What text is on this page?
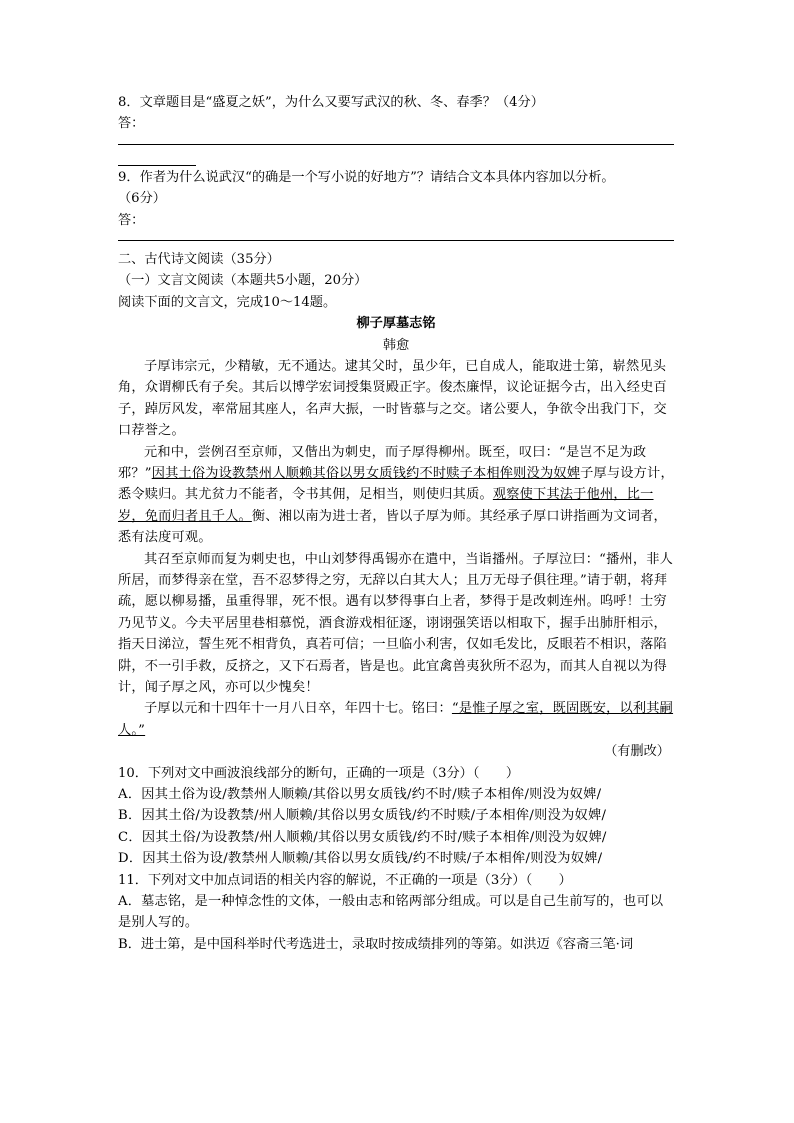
8．文章题目是“盛夏之妖”，为什么又要写武汉的秋、冬、春季？（4分）
答：
9．作者为什么说武汉“的确是一个写小说的好地方”？请结合文本具体内容加以分析。
（6分）
答：
二、古代诗文阅读（35分）
（一）文言文阅读（本题共5小题，20分）
阅读下面的文言文，完成10～14题。
柳子厚墓志铭
韩愈
子厚讳宗元，少精敏，无不通达。逮其父时，虽少年，已自成人，能取进士第，崭然见头角，众谓柳氏有子矣。其后以博学宏词授集贤殿正字。俊杰廉悍，议论证据今古，出入经史百子，踔厉风发，率常屈其座人，名声大振，一时皆慕与之交。诸公要人，争欲令出我门下，交口荐誉之。
元和中，尝例召至京师，又偕出为刺史，而子厚得柳州。既至，叹曰：“是岂不足为政邪？”因其土俗为设教禁州人顺赖其俗以男女质钱约不时赎子本相侔则没为奴婢子厚与设方计，悉令赎归。其尤贫力不能者，令书其佣，足相当，则使归其质。观察使下其法于他州，比一岁，免而归者且千人。衡、湘以南为进士者，皆以子厚为师。其经承子厚口讲指画为文词者，悉有法度可观。
其召至京师而复为刺史也，中山刘梦得禹锡亦在遣中，当诣播州。子厚泣曰：“播州，非人所居，而梦得亲在堂，吾不忍梦得之穷，无辞以白其大人；且万无母子俱往理。”请于朝，将拜疏，愿以柳易播，虽重得罪，死不恨。遇有以梦得事白上者，梦得于是改刺连州。呜呼！士穷乃见节义。今夫平居里巷相慕悦，酒食游戏相征逐，诩诩强笑语以相取下，握手出肺肝相示，指天日涕泣，誓生死不相背负，真若可信；一旦临小利害，仅如毛发比，反眼若不相识，落陷阱，不一引手救，反挤之，又下石焉者，皆是也。此宜禽兽夷狄所不忍为，而其人自视以为得计，闻子厚之风，亦可以少愧矣！
子厚以元和十四年十一月八日卒，年四十七。铭曰：“是惟子厚之室，既固既安，以利其嗣人。”
（有删改）
10．下列对文中画波浪线部分的断句，正确的一项是（3分）（　　）
A．因其土俗为设/教禁州人顺赖/其俗以男女质钱/约不时/赎子本相侔/则没为奴婢/
B．因其土俗/为设教禁/州人顺赖/其俗以男女质钱/约不时赎/子本相侔/则没为奴婢/
C．因其土俗/为设教禁/州人顺赖/其俗以男女质钱/约不时/赎子本相侔/则没为奴婢/
D．因其土俗为设/教禁州人顺赖/其俗以男女质钱/约不时赎/子本相侔/则没为奴婢/
11．下列对文中加点词语的相关内容的解说，不正确的一项是（3分）（　　）
A．墓志铭，是一种悼念性的文体，一般由志和铭两部分组成。可以是自己生前写的，也可以是别人写的。
B．进士第，是中国科举时代考选进士，录取时按成绩排列的等第。如洪迈《容斋三笔·词
